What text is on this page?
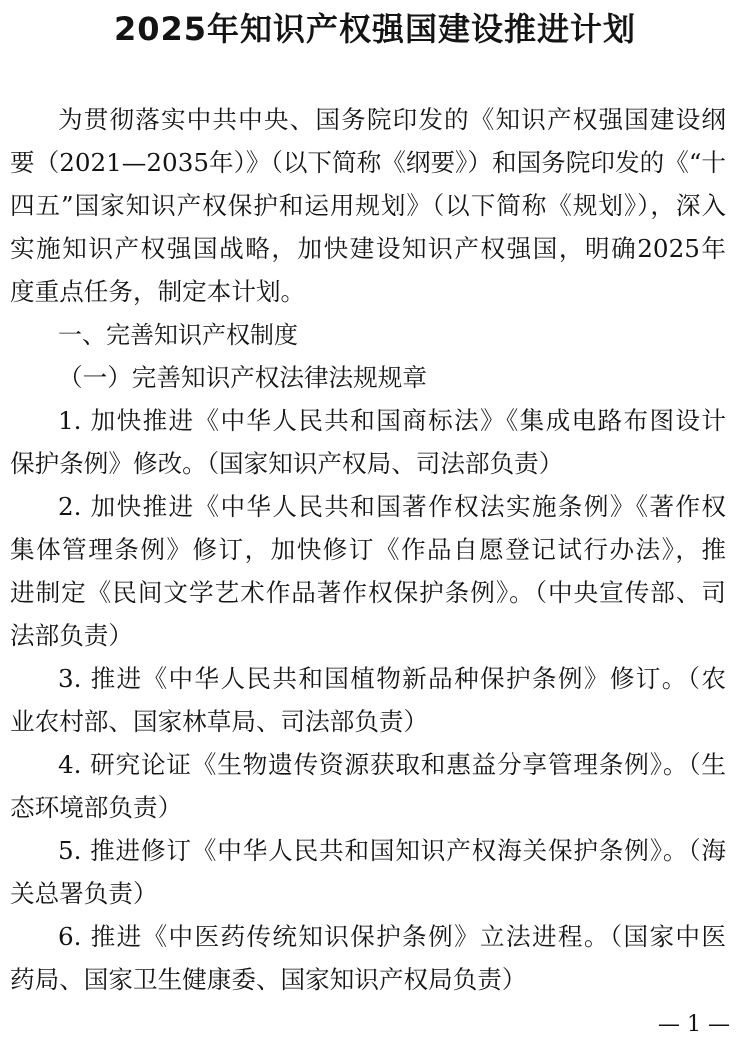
2025年知识产权强国建设推进计划
为贯彻落实中共中央、国务院印发的《知识产权强国建设纲
要（2021—2035年）》（以下简称《纲要》）和国务院印发的《“十
四五”国家知识产权保护和运用规划》（以下简称《规划》），深入
实施知识产权强国战略，加快建设知识产权强国，明确2025年
度重点任务，制定本计划。
一、完善知识产权制度
（一）完善知识产权法律法规规章
1. 加快推进《中华人民共和国商标法》《集成电路布图设计
保护条例》修改。（国家知识产权局、司法部负责）
2. 加快推进《中华人民共和国著作权法实施条例》《著作权
集体管理条例》修订，加快修订《作品自愿登记试行办法》，推
进制定《民间文学艺术作品著作权保护条例》。（中央宣传部、司
法部负责）
3. 推进《中华人民共和国植物新品种保护条例》修订。（农
业农村部、国家林草局、司法部负责）
4. 研究论证《生物遗传资源获取和惠益分享管理条例》。（生
态环境部负责）
5. 推进修订《中华人民共和国知识产权海关保护条例》。（海
关总署负责）
6. 推进《中医药传统知识保护条例》立法进程。（国家中医
药局、国家卫生健康委、国家知识产权局负责）
— 1 —
